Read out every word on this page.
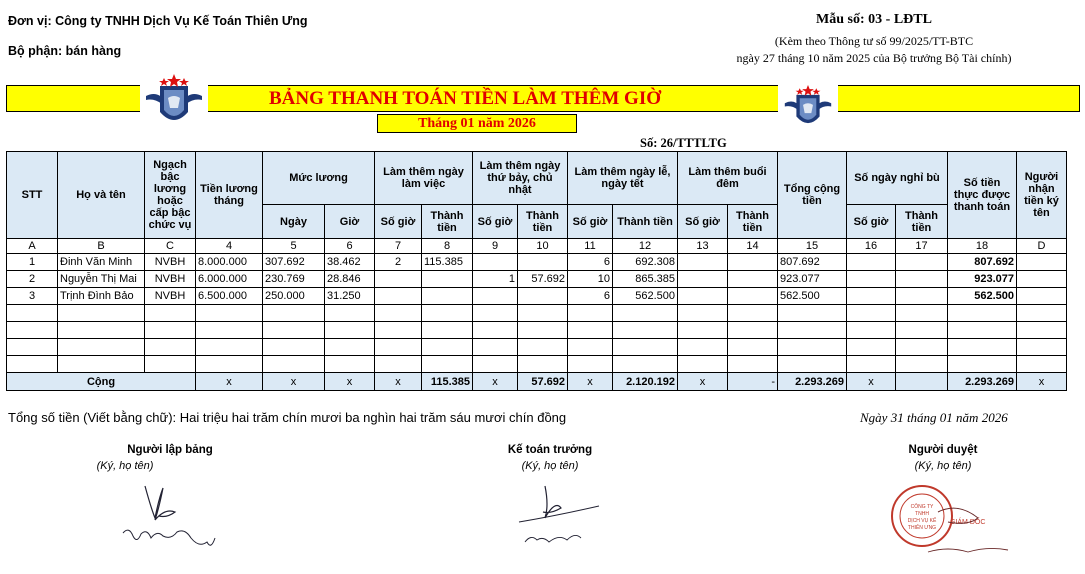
Đơn vị: Công ty TNHH Dịch Vụ Kế Toán Thiên Ưng
Bộ phận: bán hàng
Mẫu số: 03 - LĐTL
(Kèm theo Thông tư số 99/2025/TT-BTC
ngày 27 tháng 10 năm 2025 của Bộ trưởng Bộ Tài chính)
BẢNG THANH TOÁN TIỀN LÀM THÊM GIỜ
Tháng 01 năm 2026
Số: 26/TTTLTG
STT	Họ và tên	Ngạch bậc lương hoặc cấp bậc chức vụ	Tiền lương tháng	Mức lương		Làm thêm ngày làm việc		Làm thêm ngày thứ bảy, chủ nhật		Làm thêm ngày lễ, ngày tết		Làm thêm buổi đêm		Tổng cộng tiền	Số ngày nghỉ bù		Số tiền thực được thanh toán	Người nhận tiền ký tên
				Ngày	Giờ	Số giờ	Thành tiền	Số giờ	Thành tiền	Số giờ	Thành tiền	Số giờ	Thành tiền		Số giờ	Thành tiền		
A	B	C	4	5	6	7	8	9	10	11	12	13	14	15	16	17	18	D
1	Đinh Văn Minh	NVBH	8.000.000	307.692	38.462	2	115.385			6	692.308			807.692			807.692	
2	Nguyễn Thị Mai	NVBH	6.000.000	230.769	28.846			1	57.692	10	865.385			923.077			923.077	
3	Trịnh Đình Bảo	NVBH	6.500.000	250.000	31.250					6	562.500			562.500			562.500	

Cộng			x	x	x	x	115.385	x	57.692	x	2.120.192	x	-	2.293.269	x		2.293.269	x
Tổng số tiền (Viết bằng chữ): Hai triệu hai trăm chín mươi ba nghìn hai trăm sáu mươi chín đồng	Ngày 31 tháng 01 năm 2026
Người lập bảng
(Ký, họ tên)
Kế toán trưởng
(Ký, họ tên)
Người duyệt
(Ký, họ tên)
CÔNG TY
TNHH
DỊCH VỤ KẾ
THIÊN ƯNG
GIÁM ĐỐC
